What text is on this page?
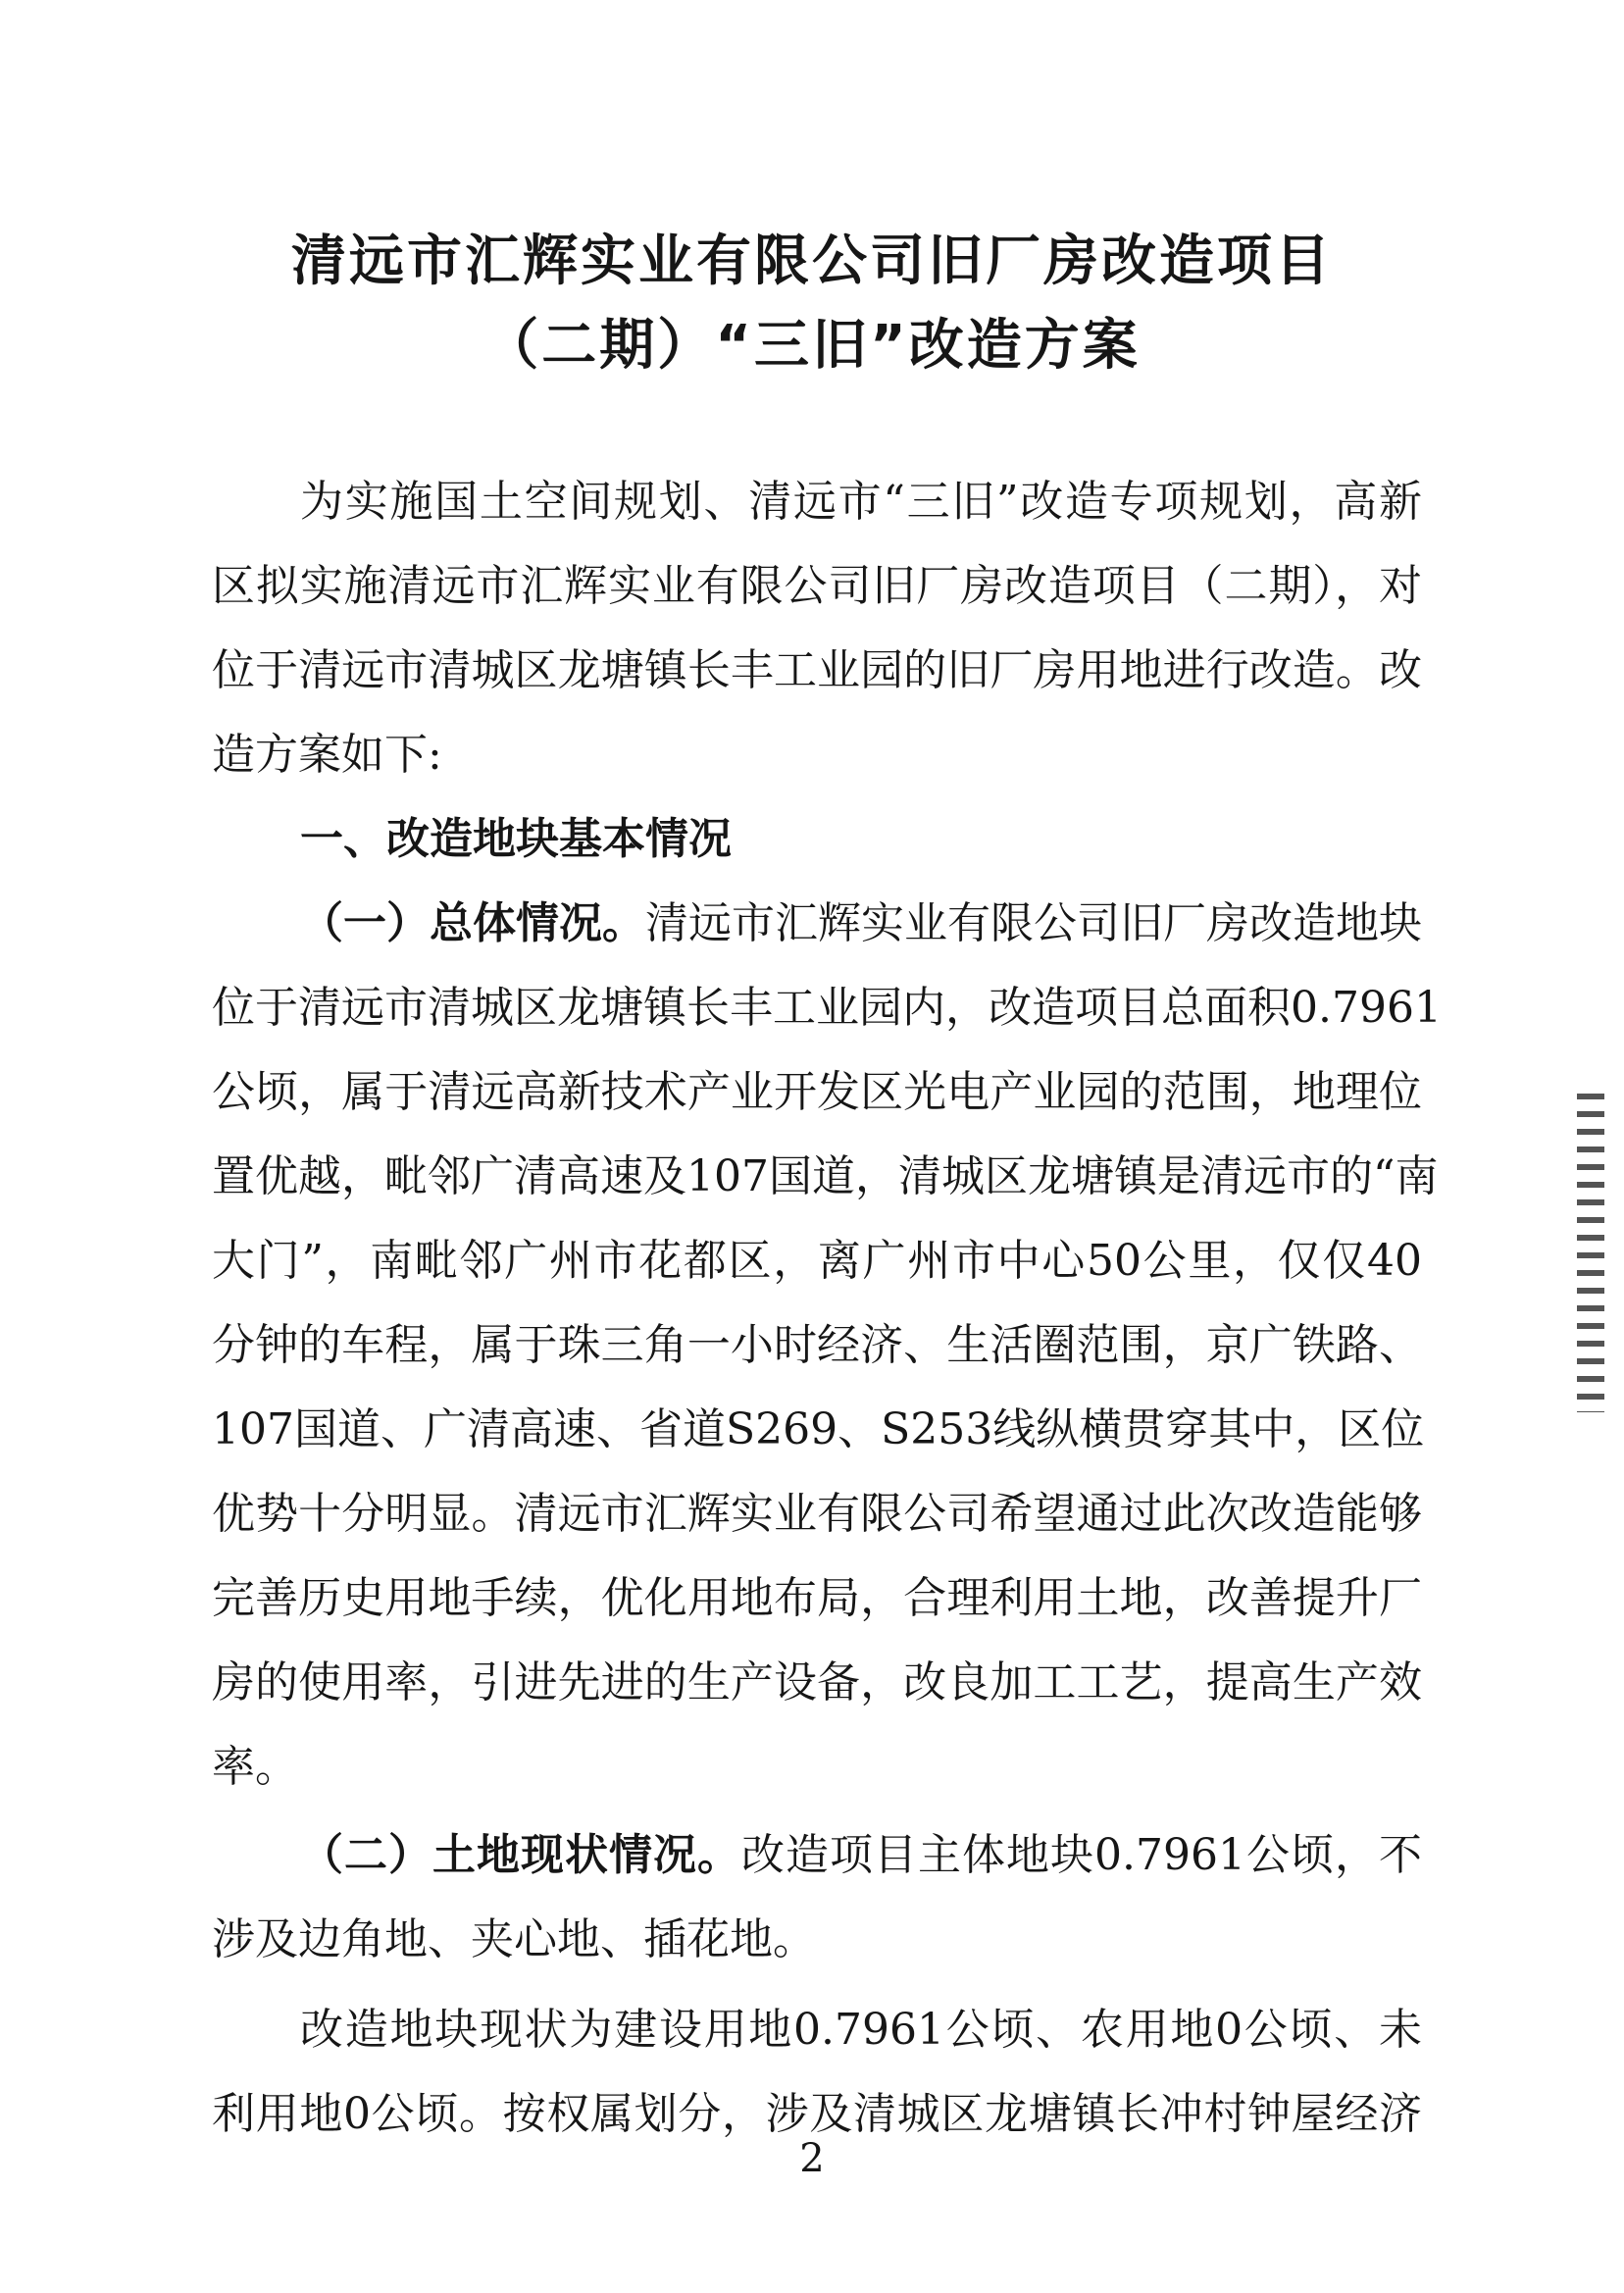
清远市汇辉实业有限公司旧厂房改造项目
（二期）“三旧”改造方案
为实施国土空间规划、清远市“三旧”改造专项规划，高新
区拟实施清远市汇辉实业有限公司旧厂房改造项目（二期），对
位于清远市清城区龙塘镇长丰工业园的旧厂房用地进行改造。改
造方案如下:
一、改造地块基本情况
（一）总体情况。清远市汇辉实业有限公司旧厂房改造地块
位于清远市清城区龙塘镇长丰工业园内，改造项目总面积0.7961
公顷，属于清远高新技术产业开发区光电产业园的范围，地理位
置优越，毗邻广清高速及107国道，清城区龙塘镇是清远市的“南
大门”，南毗邻广州市花都区，离广州市中心50公里，仅仅40
分钟的车程，属于珠三角一小时经济、生活圈范围，京广铁路、
107国道、广清高速、省道S269、S253线纵横贯穿其中，区位
优势十分明显。清远市汇辉实业有限公司希望通过此次改造能够
完善历史用地手续，优化用地布局，合理利用土地，改善提升厂
房的使用率，引进先进的生产设备，改良加工工艺，提高生产效
率。
（二）土地现状情况。改造项目主体地块0.7961公顷，不
涉及边角地、夹心地、插花地。
改造地块现状为建设用地0.7961公顷、农用地0公顷、未
利用地0公顷。按权属划分，涉及清城区龙塘镇长冲村钟屋经济
2
